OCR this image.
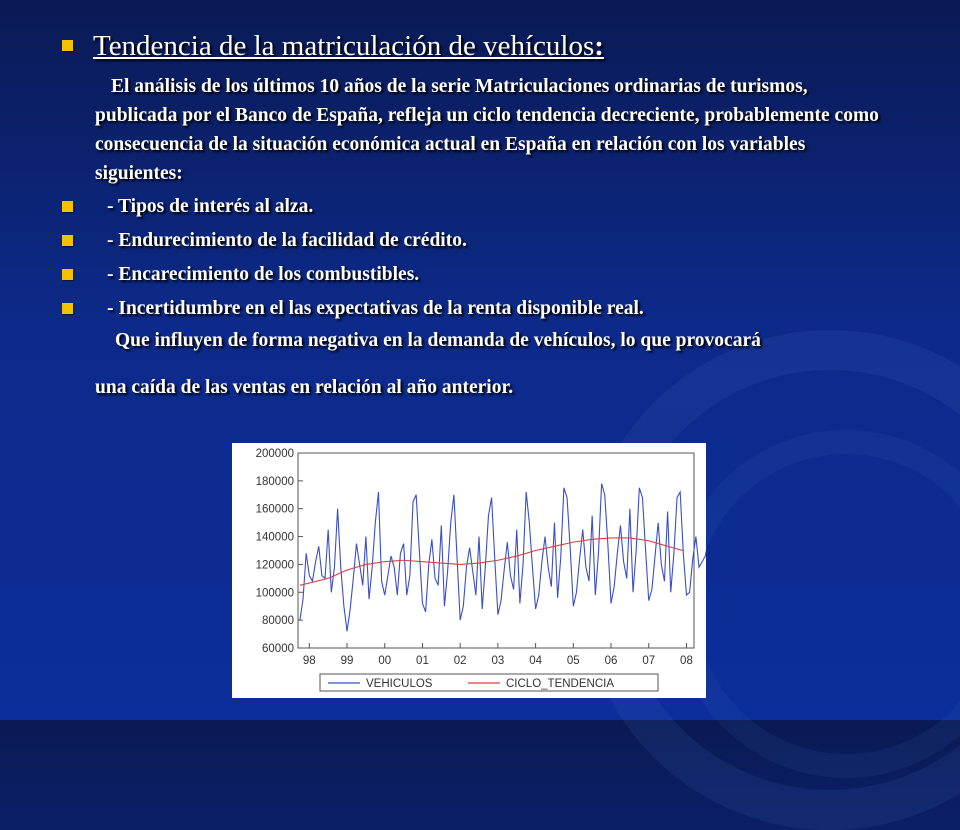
Tendencia de la matriculación de vehículos:
El análisis de los últimos 10 años de la serie Matriculaciones ordinarias de turismos, publicada por el Banco de España, refleja un ciclo tendencia decreciente, probablemente como consecuencia de la situación económica actual en España en relación con los variables siguientes:
- Tipos de interés al alza.
- Endurecimiento de la facilidad de crédito.
- Encarecimiento de los combustibles.
- Incertidumbre en el las expectativas de la renta disponible real.
Que influyen de forma negativa en la demanda de vehículos, lo que provocará
una caída de las ventas en relación al año anterior.
60000
80000
100000
120000
140000
160000
180000
200000
98 99 00 01 02 03 04 05 06 07 08
VEHICULOS	CICLO_TENDENCIA
